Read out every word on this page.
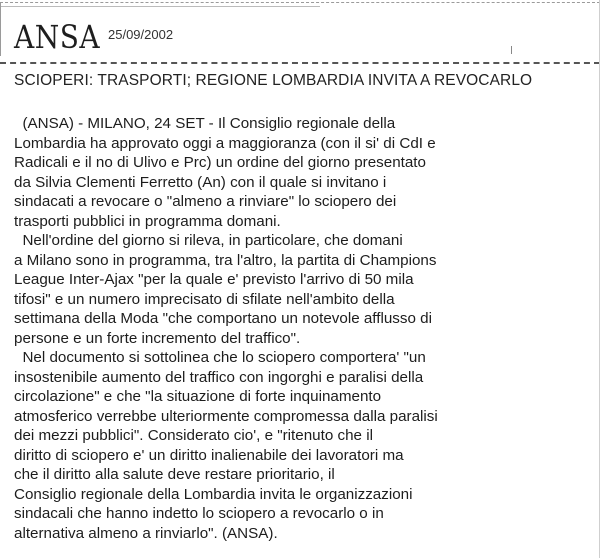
ANSA 25/09/2002
SCIOPERI: TRASPORTI; REGIONE LOMBARDIA INVITA A REVOCARLO
(ANSA) - MILANO, 24 SET - Il Consiglio regionale della
Lombardia ha approvato oggi a maggioranza (con il si' di CdI e
Radicali e il no di Ulivo e Prc) un ordine del giorno presentato
da Silvia Clementi Ferretto (An) con il quale si invitano i
sindacati a revocare o "almeno a rinviare" lo sciopero dei
trasporti pubblici in programma domani.
Nell'ordine del giorno si rileva, in particolare, che domani
a Milano sono in programma, tra l'altro, la partita di Champions
League Inter-Ajax "per la quale e' previsto l'arrivo di 50 mila
tifosi" e un numero imprecisato di sfilate nell'ambito della
settimana della Moda "che comportano un notevole afflusso di
persone e un forte incremento del traffico".
Nel documento si sottolinea che lo sciopero comportera' "un
insostenibile aumento del traffico con ingorghi e paralisi della
circolazione" e che "la situazione di forte inquinamento
atmosferico verrebbe ulteriormente compromessa dalla paralisi
dei mezzi pubblici". Considerato cio', e "ritenuto che il
diritto di sciopero e' un diritto inalienabile dei lavoratori ma
che il diritto alla salute deve restare prioritario, il
Consiglio regionale della Lombardia invita le organizzazioni
sindacali che hanno indetto lo sciopero a revocarlo o in
alternativa almeno a rinviarlo". (ANSA).
